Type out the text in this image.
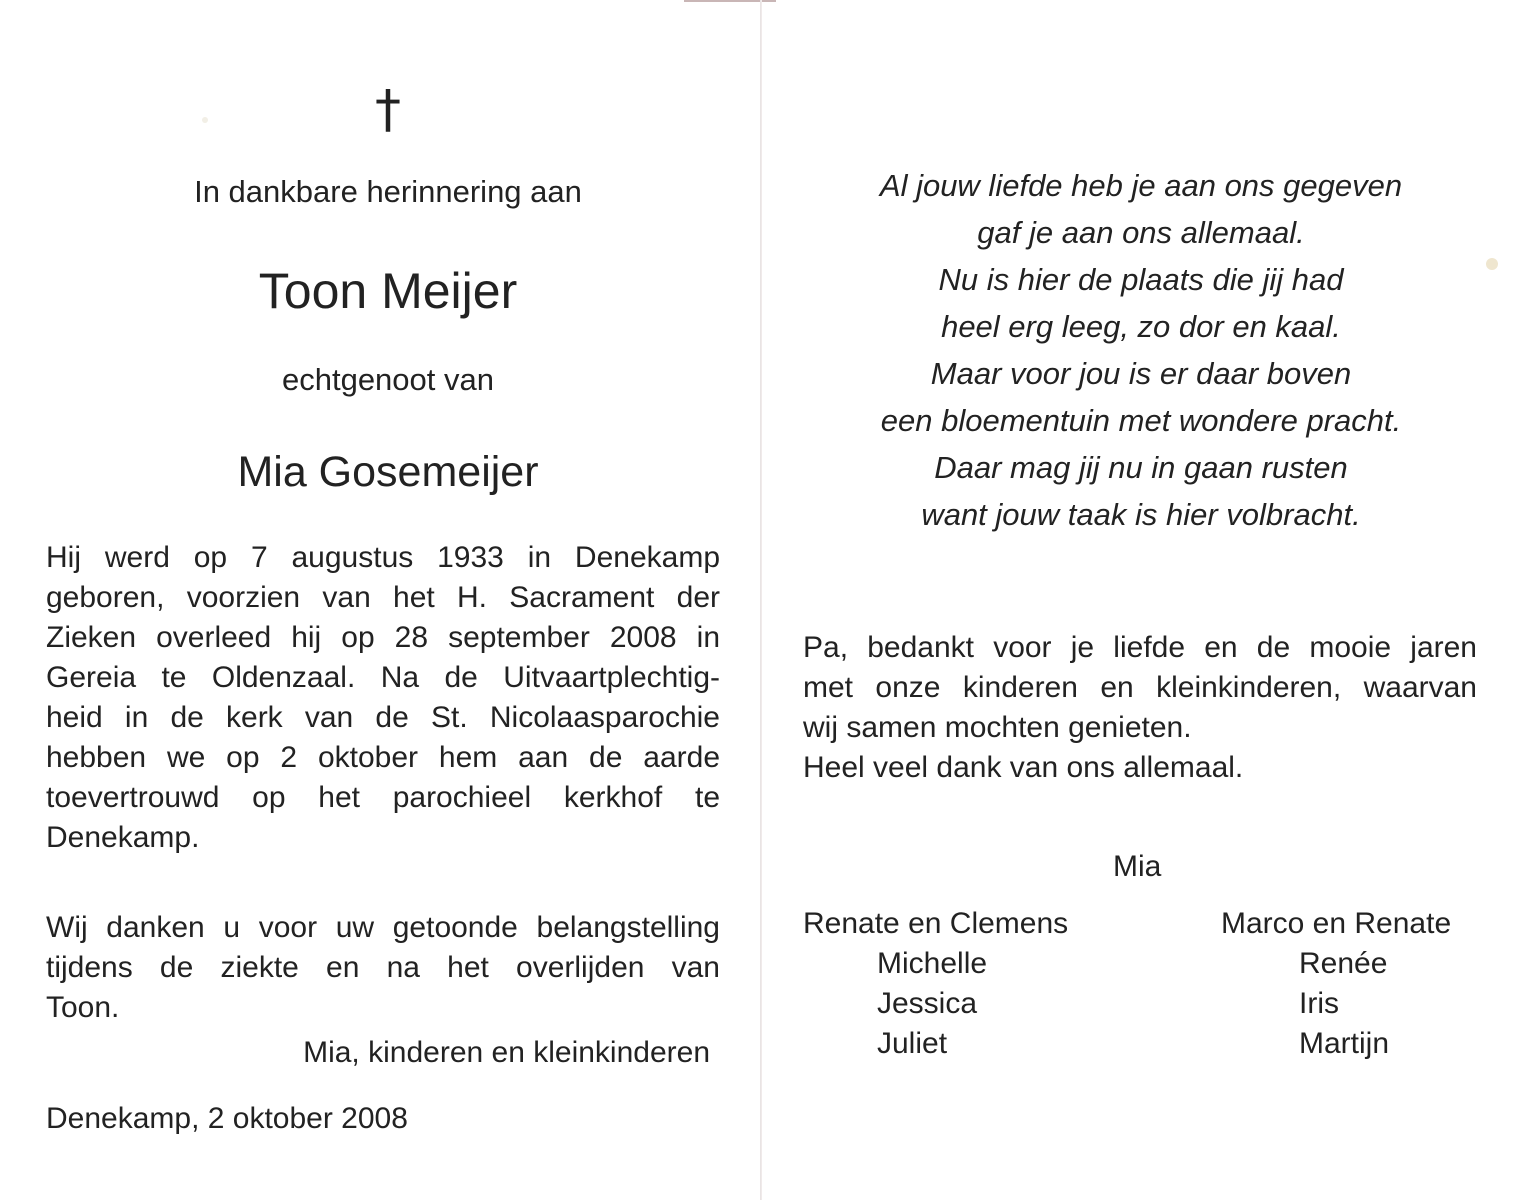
†
In dankbare herinnering aan
Toon Meijer
echtgenoot van
Mia Gosemeijer
Hij werd op 7 augustus 1933 in Denekamp
geboren, voorzien van het H. Sacrament der
Zieken overleed hij op 28 september 2008 in
Gereia te Oldenzaal. Na de Uitvaartplechtig-
heid in de kerk van de St. Nicolaasparochie
hebben we op 2 oktober hem aan de aarde
toevertrouwd op het parochieel kerkhof te
Denekamp.
Wij danken u voor uw getoonde belangstelling
tijdens de ziekte en na het overlijden van
Toon.
Mia, kinderen en kleinkinderen
Denekamp, 2 oktober 2008
Al jouw liefde heb je aan ons gegeven
gaf je aan ons allemaal.
Nu is hier de plaats die jij had
heel erg leeg, zo dor en kaal.
Maar voor jou is er daar boven
een bloementuin met wondere pracht.
Daar mag jij nu in gaan rusten
want jouw taak is hier volbracht.
Pa, bedankt voor je liefde en de mooie jaren
met onze kinderen en kleinkinderen, waarvan
wij samen mochten genieten.
Heel veel dank van ons allemaal.
Mia
Renate en Clemens
Michelle
Jessica
Juliet
Marco en Renate
Renée
Iris
Martijn
